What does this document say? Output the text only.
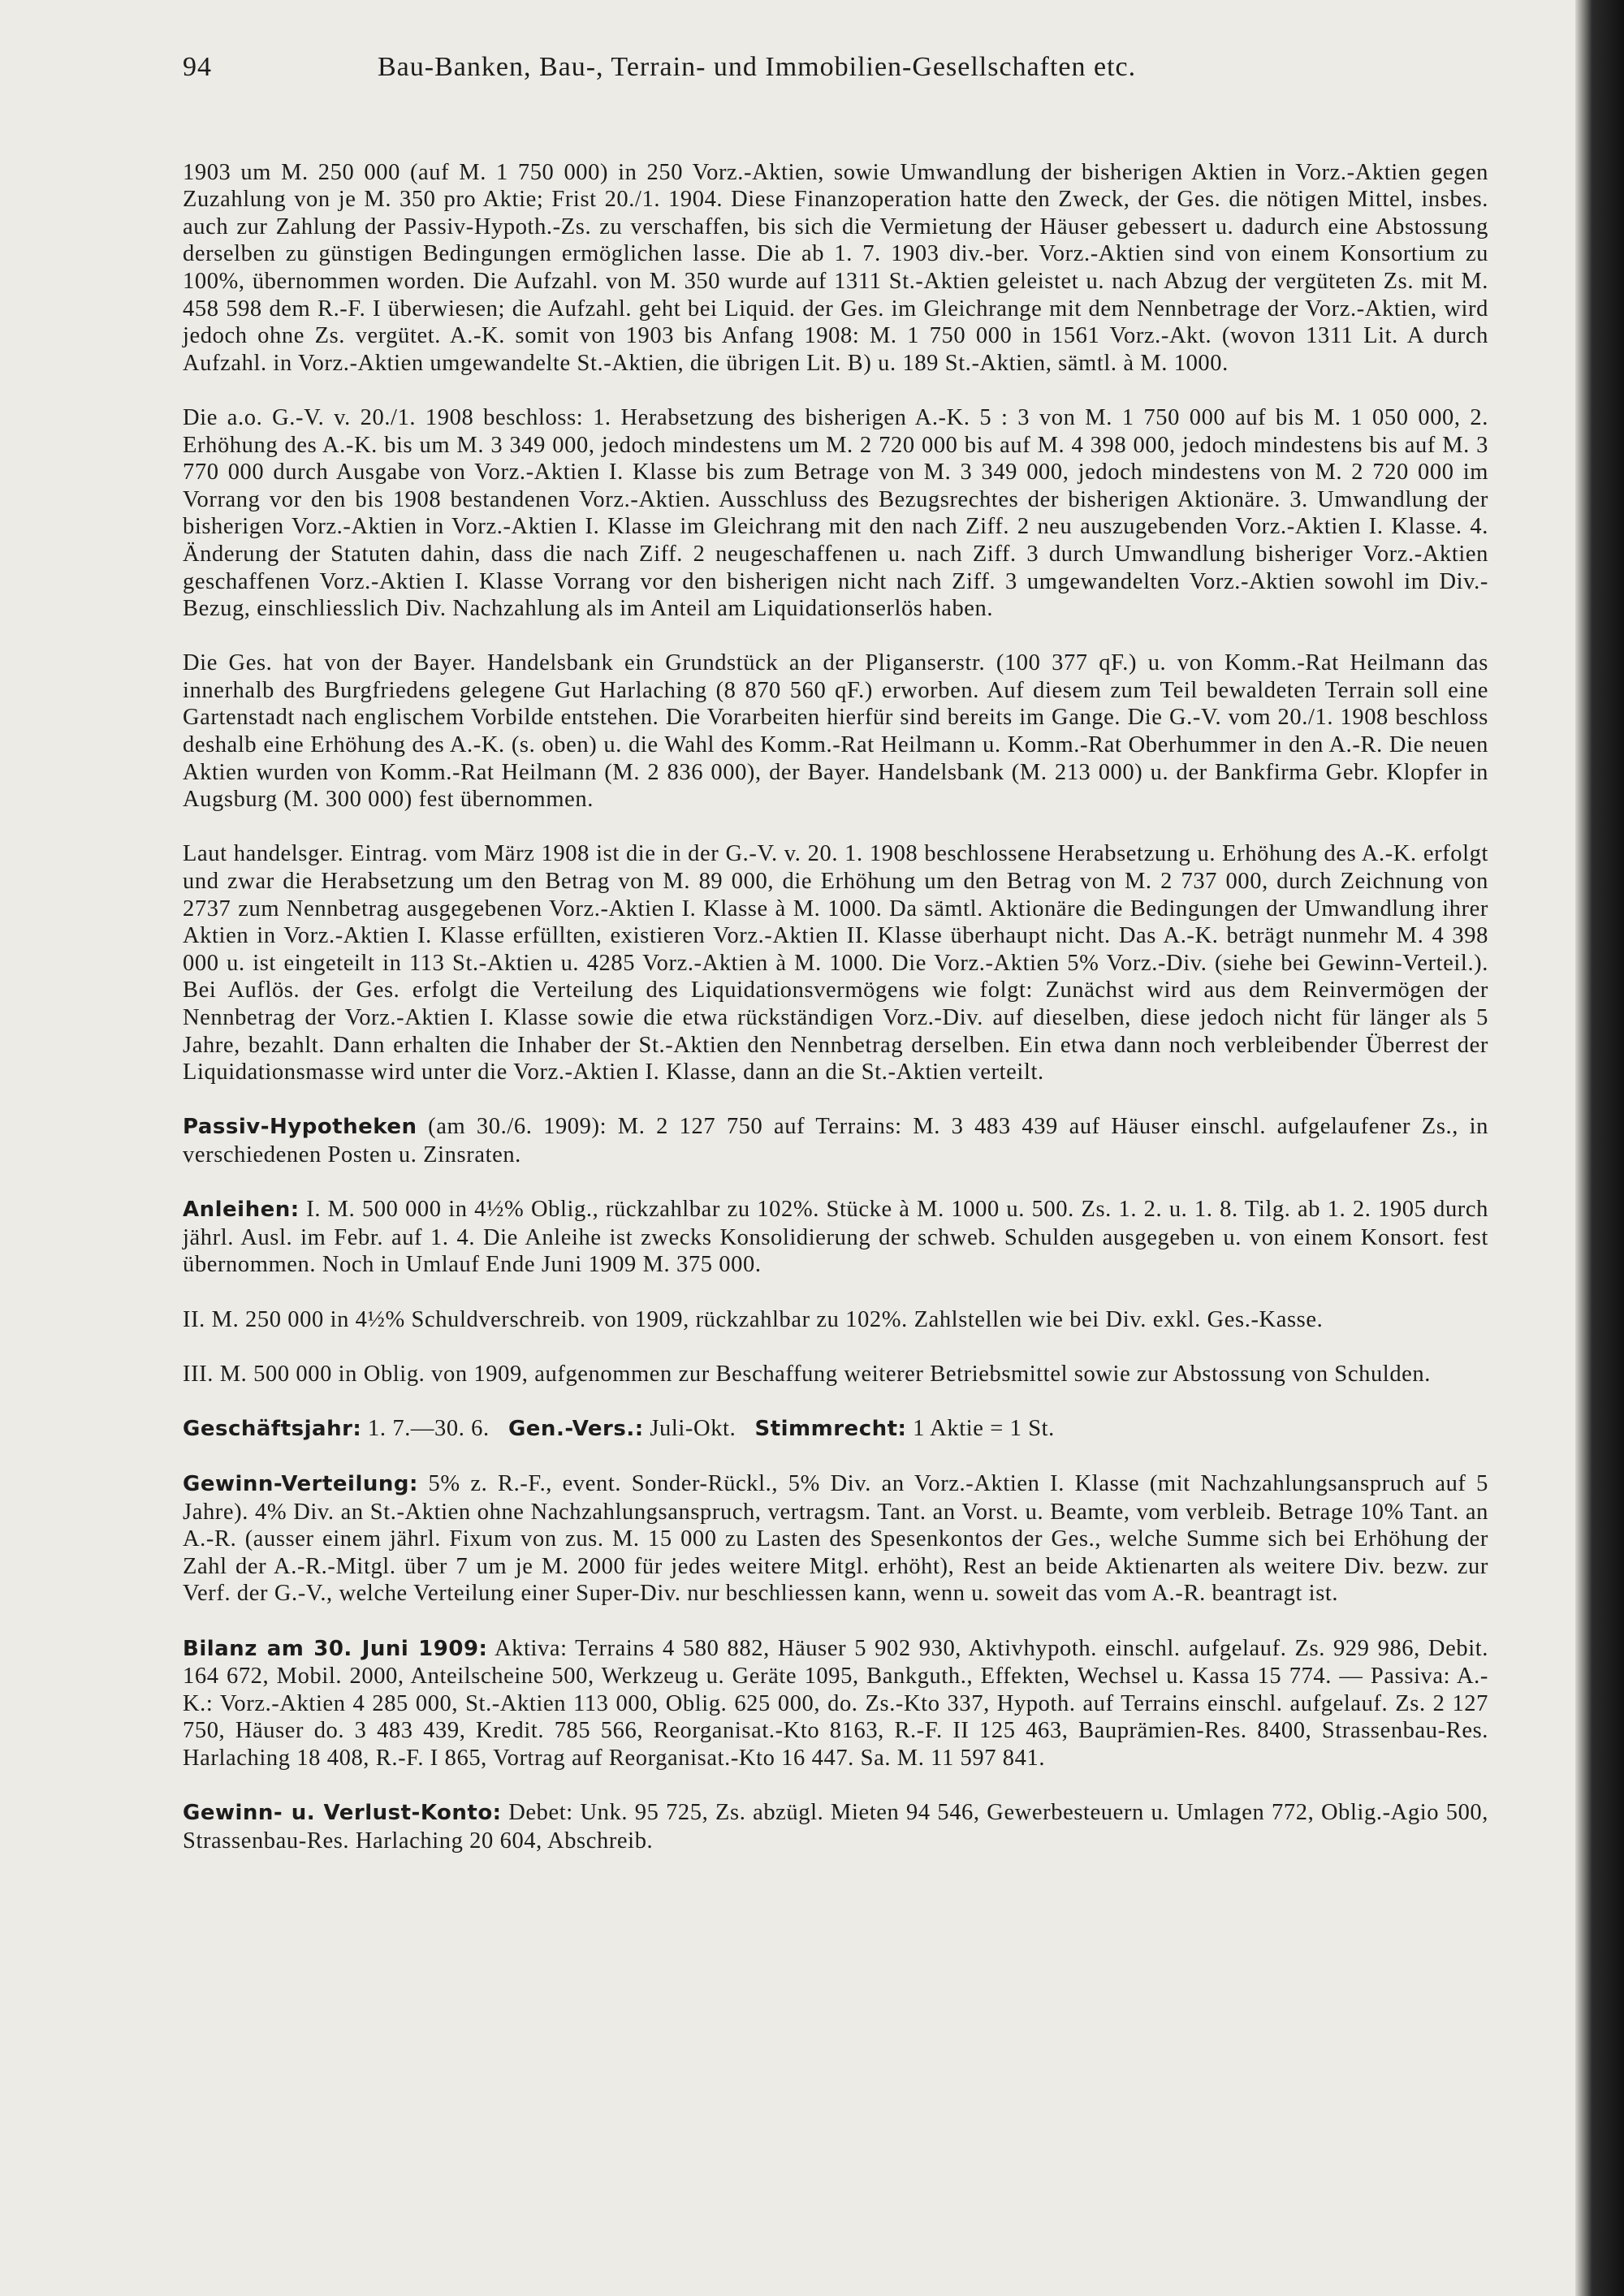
94	Bau-Banken, Bau-, Terrain- und Immobilien-Gesellschaften etc.

1903 um M. 250 000 (auf M. 1 750 000) in 250 Vorz.-Aktien, sowie Umwandlung der bisherigen Aktien in Vorz.-Aktien gegen Zuzahlung von je M. 350 pro Aktie; Frist 20./1. 1904. Diese Finanzoperation hatte den Zweck, der Ges. die nötigen Mittel, insbes. auch zur Zahlung der Passiv-Hypoth.-Zs. zu verschaffen, bis sich die Vermietung der Häuser gebessert u. dadurch eine Abstossung derselben zu günstigen Bedingungen ermöglichen lasse. Die ab 1. 7. 1903 div.-ber. Vorz.-Aktien sind von einem Konsortium zu 100%, übernommen worden. Die Aufzahl. von M. 350 wurde auf 1311 St.-Aktien geleistet u. nach Abzug der vergüteten Zs. mit M. 458 598 dem R.-F. I überwiesen; die Aufzahl. geht bei Liquid. der Ges. im Gleichrange mit dem Nennbetrage der Vorz.-Aktien, wird jedoch ohne Zs. vergütet. A.-K. somit von 1903 bis Anfang 1908: M. 1 750 000 in 1561 Vorz.-Akt. (wovon 1311 Lit. A durch Aufzahl. in Vorz.-Aktien umgewandelte St.-Aktien, die übrigen Lit. B) u. 189 St.-Aktien, sämtl. à M. 1000.

Die a.o. G.-V. v. 20./1. 1908 beschloss: 1. Herabsetzung des bisherigen A.-K. 5 : 3 von M. 1 750 000 auf bis M. 1 050 000, 2. Erhöhung des A.-K. bis um M. 3 349 000, jedoch mindestens um M. 2 720 000 bis auf M. 4 398 000, jedoch mindestens bis auf M. 3 770 000 durch Ausgabe von Vorz.-Aktien I. Klasse bis zum Betrage von M. 3 349 000, jedoch mindestens von M. 2 720 000 im Vorrang vor den bis 1908 bestandenen Vorz.-Aktien. Ausschluss des Bezugsrechtes der bisherigen Aktionäre. 3. Umwandlung der bisherigen Vorz.-Aktien in Vorz.-Aktien I. Klasse im Gleichrang mit den nach Ziff. 2 neu auszugebenden Vorz.-Aktien I. Klasse. 4. Änderung der Statuten dahin, dass die nach Ziff. 2 neugeschaffenen u. nach Ziff. 3 durch Umwandlung bisheriger Vorz.-Aktien geschaffenen Vorz.-Aktien I. Klasse Vorrang vor den bisherigen nicht nach Ziff. 3 umgewandelten Vorz.-Aktien sowohl im Div.-Bezug, einschliesslich Div. Nachzahlung als im Anteil am Liquidationserlös haben.

Die Ges. hat von der Bayer. Handelsbank ein Grundstück an der Pliganserstr. (100 377 qF.) u. von Komm.-Rat Heilmann das innerhalb des Burgfriedens gelegene Gut Harlaching (8 870 560 qF.) erworben. Auf diesem zum Teil bewaldeten Terrain soll eine Gartenstadt nach englischem Vorbilde entstehen. Die Vorarbeiten hierfür sind bereits im Gange. Die G.-V. vom 20./1. 1908 beschloss deshalb eine Erhöhung des A.-K. (s. oben) u. die Wahl des Komm.-Rat Heilmann u. Komm.-Rat Oberhummer in den A.-R. Die neuen Aktien wurden von Komm.-Rat Heilmann (M. 2 836 000), der Bayer. Handelsbank (M. 213 000) u. der Bankfirma Gebr. Klopfer in Augsburg (M. 300 000) fest übernommen.

Laut handelsger. Eintrag. vom März 1908 ist die in der G.-V. v. 20. 1. 1908 beschlossene Herabsetzung u. Erhöhung des A.-K. erfolgt und zwar die Herabsetzung um den Betrag von M. 89 000, die Erhöhung um den Betrag von M. 2 737 000, durch Zeichnung von 2737 zum Nennbetrag ausgegebenen Vorz.-Aktien I. Klasse à M. 1000. Da sämtl. Aktionäre die Bedingungen der Umwandlung ihrer Aktien in Vorz.-Aktien I. Klasse erfüllten, existieren Vorz.-Aktien II. Klasse überhaupt nicht. Das A.-K. beträgt nunmehr M. 4 398 000 u. ist eingeteilt in 113 St.-Aktien u. 4285 Vorz.-Aktien à M. 1000. Die Vorz.-Aktien 5% Vorz.-Div. (siehe bei Gewinn-Verteil.). Bei Auflös. der Ges. erfolgt die Verteilung des Liquidationsvermögens wie folgt: Zunächst wird aus dem Reinvermögen der Nennbetrag der Vorz.-Aktien I. Klasse sowie die etwa rückständigen Vorz.-Div. auf dieselben, diese jedoch nicht für länger als 5 Jahre, bezahlt. Dann erhalten die Inhaber der St.-Aktien den Nennbetrag derselben. Ein etwa dann noch verbleibender Überrest der Liquidationsmasse wird unter die Vorz.-Aktien I. Klasse, dann an die St.-Aktien verteilt.

Passiv-Hypotheken (am 30./6. 1909): M. 2 127 750 auf Terrains: M. 3 483 439 auf Häuser einschl. aufgelaufener Zs., in verschiedenen Posten u. Zinsraten.

Anleihen: I. M. 500 000 in 4½% Oblig., rückzahlbar zu 102%. Stücke à M. 1000 u. 500. Zs. 1. 2. u. 1. 8. Tilg. ab 1. 2. 1905 durch jährl. Ausl. im Febr. auf 1. 4. Die Anleihe ist zwecks Konsolidierung der schweb. Schulden ausgegeben u. von einem Konsort. fest übernommen. Noch in Umlauf Ende Juni 1909 M. 375 000.

II. M. 250 000 in 4½% Schuldverschreib. von 1909, rückzahlbar zu 102%. Zahlstellen wie bei Div. exkl. Ges.-Kasse.

III. M. 500 000 in Oblig. von 1909, aufgenommen zur Beschaffung weiterer Betriebsmittel sowie zur Abstossung von Schulden.

Geschäftsjahr: 1. 7.—30. 6. Gen.-Vers.: Juli-Okt. Stimmrecht: 1 Aktie = 1 St.

Gewinn-Verteilung: 5% z. R.-F., event. Sonder-Rückl., 5% Div. an Vorz.-Aktien I. Klasse (mit Nachzahlungsanspruch auf 5 Jahre). 4% Div. an St.-Aktien ohne Nachzahlungsanspruch, vertragsm. Tant. an Vorst. u. Beamte, vom verbleib. Betrage 10% Tant. an A.-R. (ausser einem jährl. Fixum von zus. M. 15 000 zu Lasten des Spesenkontos der Ges., welche Summe sich bei Erhöhung der Zahl der A.-R.-Mitgl. über 7 um je M. 2000 für jedes weitere Mitgl. erhöht), Rest an beide Aktienarten als weitere Div. bezw. zur Verf. der G.-V., welche Verteilung einer Super-Div. nur beschliessen kann, wenn u. soweit das vom A.-R. beantragt ist.

Bilanz am 30. Juni 1909: Aktiva: Terrains 4 580 882, Häuser 5 902 930, Aktivhypoth. einschl. aufgelauf. Zs. 929 986, Debit. 164 672, Mobil. 2000, Anteilscheine 500, Werkzeug u. Geräte 1095, Bankguth., Effekten, Wechsel u. Kassa 15 774. — Passiva: A.-K.: Vorz.-Aktien 4 285 000, St.-Aktien 113 000, Oblig. 625 000, do. Zs.-Kto 337, Hypoth. auf Terrains einschl. aufgelauf. Zs. 2 127 750, Häuser do. 3 483 439, Kredit. 785 566, Reorganisat.-Kto 8163, R.-F. II 125 463, Bauprämien-Res. 8400, Strassenbau-Res. Harlaching 18 408, R.-F. I 865, Vortrag auf Reorganisat.-Kto 16 447. Sa. M. 11 597 841.

Gewinn- u. Verlust-Konto: Debet: Unk. 95 725, Zs. abzügl. Mieten 94 546, Gewerbesteuern u. Umlagen 772, Oblig.-Agio 500, Strassenbau-Res. Harlaching 20 604, Abschreib.
